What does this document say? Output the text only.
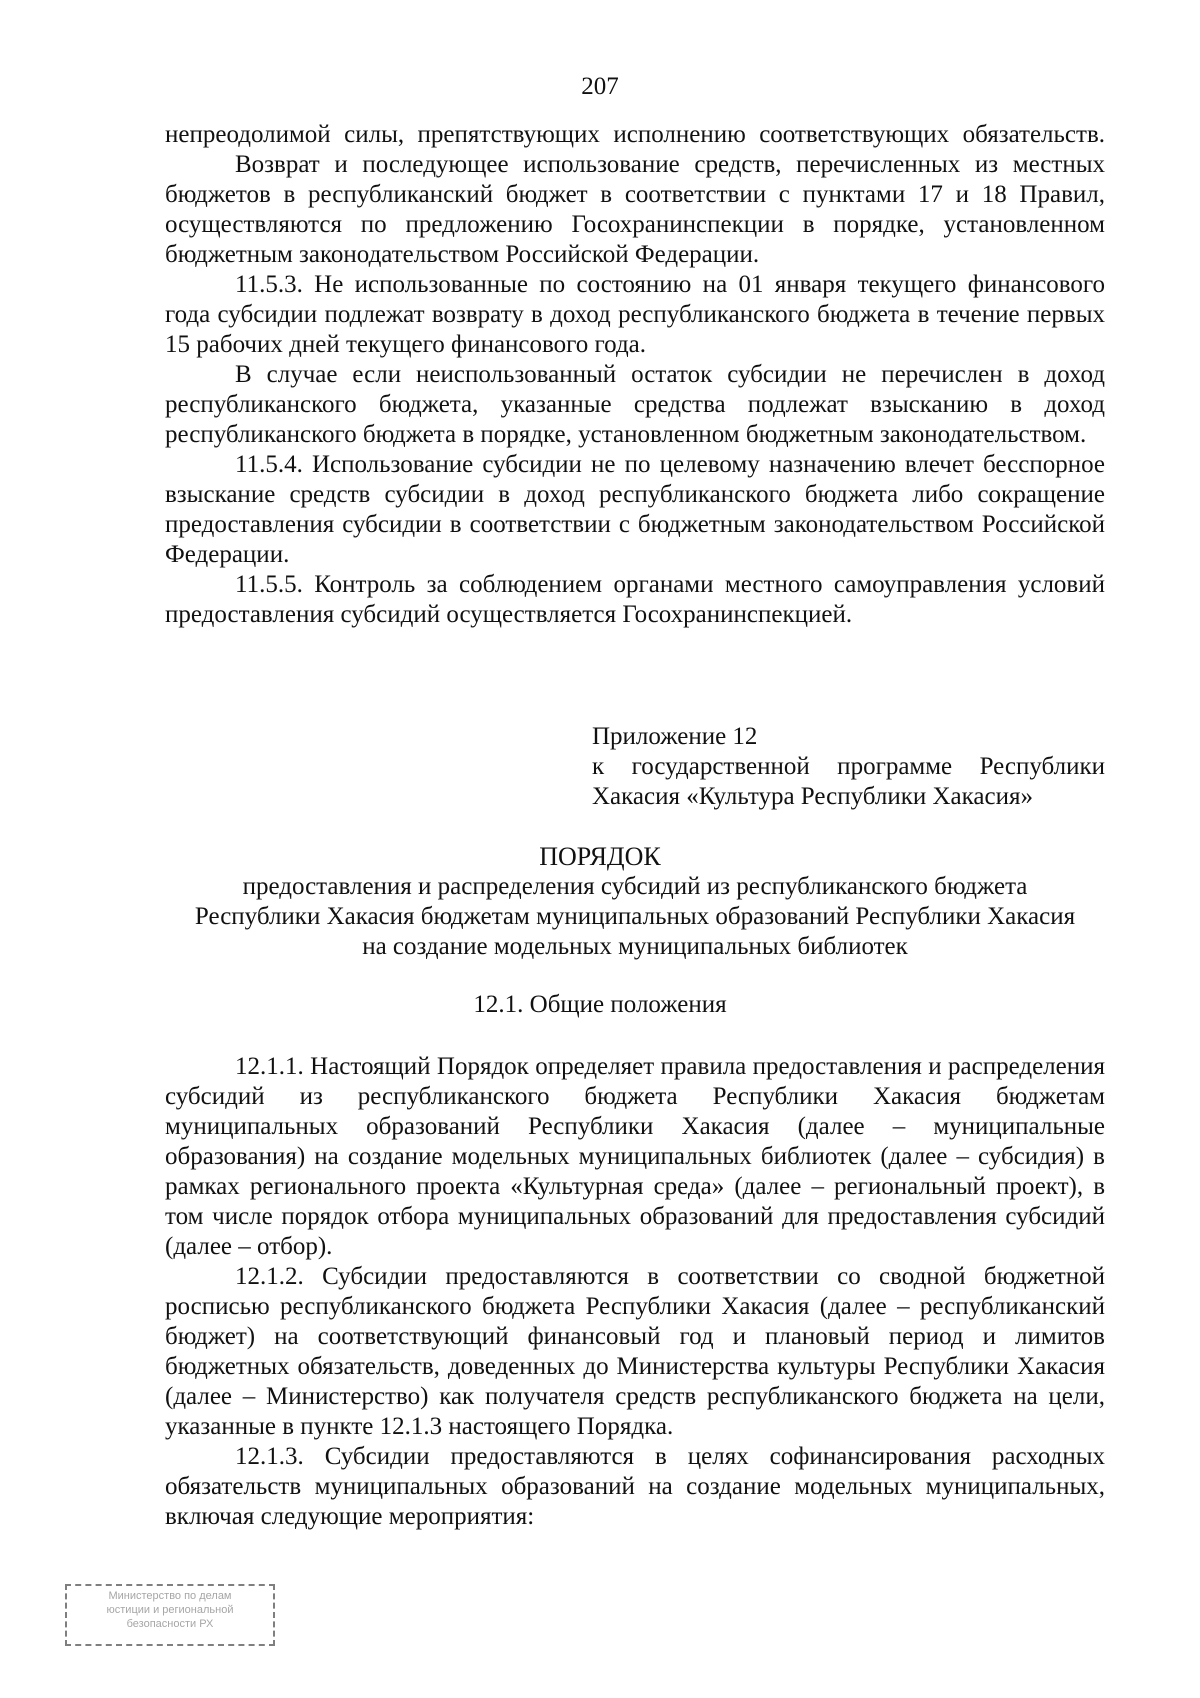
207

непреодолимой силы, препятствующих исполнению соответствующих обязательств.

Возврат и последующее использование средств, перечисленных из местных бюджетов в республиканский бюджет в соответствии с пунктами 17 и 18 Правил, осуществляются по предложению Госохранинспекции в порядке, установленном бюджетным законодательством Российской Федерации.

11.5.3. Не использованные по состоянию на 01 января текущего финансового года субсидии подлежат возврату в доход республиканского бюджета в течение первых 15 рабочих дней текущего финансового года.

В случае если неиспользованный остаток субсидии не перечислен в доход республиканского бюджета, указанные средства подлежат взысканию в доход республиканского бюджета в порядке, установленном бюджетным законодательством.

11.5.4. Использование субсидии не по целевому назначению влечет бесспорное взыскание средств субсидии в доход республиканского бюджета либо сокращение предоставления субсидии в соответствии с бюджетным законодательством Российской Федерации.

11.5.5. Контроль за соблюдением органами местного самоуправления условий предоставления субсидий осуществляется Госохранинспекцией.

Приложение 12
к государственной программе Республики
Хакасия «Культура Республики Хакасия»
ПОРЯДОК
предоставления и распределения субсидий из республиканского бюджета
Республики Хакасия бюджетам муниципальных образований Республики Хакасия
на создание модельных муниципальных библиотек
12.1. Общие положения

12.1.1. Настоящий Порядок определяет правила предоставления и распределения субсидий из республиканского бюджета Республики Хакасия бюджетам муниципальных образований Республики Хакасия (далее – муниципальные образования) на создание модельных муниципальных библиотек (далее – субсидия) в рамках регионального проекта «Культурная среда» (далее – региональный проект), в том числе порядок отбора муниципальных образований для предоставления субсидий (далее – отбор).

12.1.2. Субсидии предоставляются в соответствии со сводной бюджетной росписью республиканского бюджета Республики Хакасия (далее – республиканский бюджет) на соответствующий финансовый год и плановый период и лимитов бюджетных обязательств, доведенных до Министерства культуры Республики Хакасия (далее – Министерство) как получателя средств республиканского бюджета на цели, указанные в пункте 12.1.3 настоящего Порядка.

12.1.3. Субсидии предоставляются в целях софинансирования расходных обязательств муниципальных образований на создание модельных муниципальных, включая следующие мероприятия:

Министерство по делам
юстиции и региональной
безопасности РХ
